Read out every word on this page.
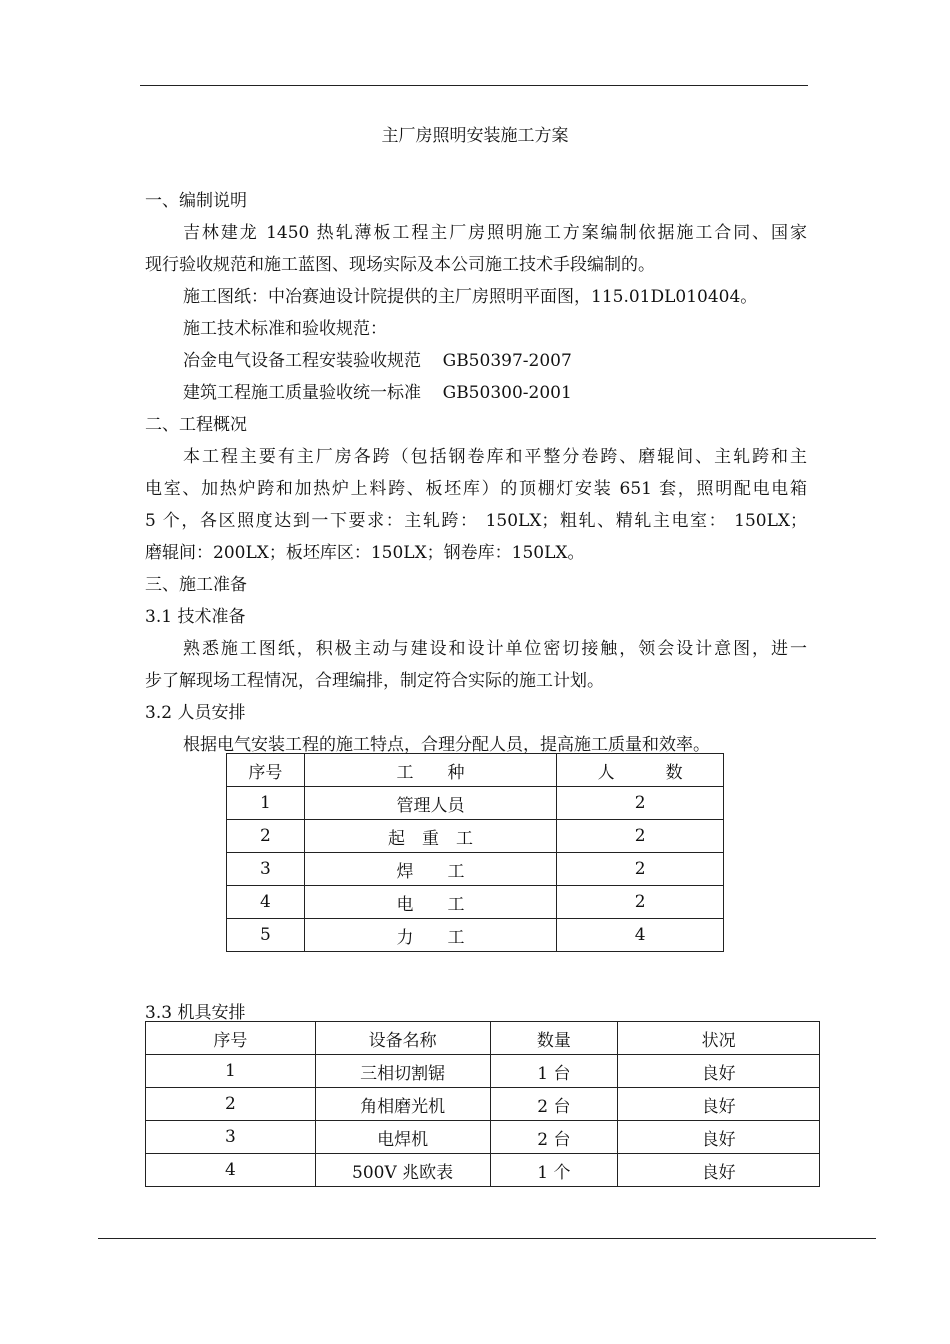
主厂房照明安装施工方案
一、编制说明
吉林建龙 1450 热轧薄板工程主厂房照明施工方案编制依据施工合同、国家
现行验收规范和施工蓝图、现场实际及本公司施工技术手段编制的。
施工图纸：中冶赛迪设计院提供的主厂房照明平面图，115.01DL010404。
施工技术标准和验收规范：
冶金电气设备工程安装验收规范    GB50397-2007
建筑工程施工质量验收统一标准    GB50300-2001
二、工程概况
本工程主要有主厂房各跨（包括钢卷库和平整分卷跨、磨辊间、主轧跨和主
电室、加热炉跨和加热炉上料跨、板坯库）的顶棚灯安装 651 套，照明配电电箱
5 个，各区照度达到一下要求：主轧跨： 150LX；粗轧、精轧主电室： 150LX；
磨辊间：200LX；板坯库区：150LX；钢卷库：150LX。
三、施工准备
3.1 技术准备
熟悉施工图纸，积极主动与建设和设计单位密切接触，领会设计意图，进一
步了解现场工程情况，合理编排，制定符合实际的施工计划。
3.2 人员安排
根据电气安装工程的施工特点，合理分配人员，提高施工质量和效率。
序号	工　　种	人　　　数
1	管理人员	2
2	起　重　工	2
3	焊　　工	2
4	电　　工	2
5	力　　工	4
3.3 机具安排
序号	设备名称	数量	状况
1	三相切割锯	1 台	良好
2	角相磨光机	2 台	良好
3	电焊机	2 台	良好
4	500V 兆欧表	1 个	良好
